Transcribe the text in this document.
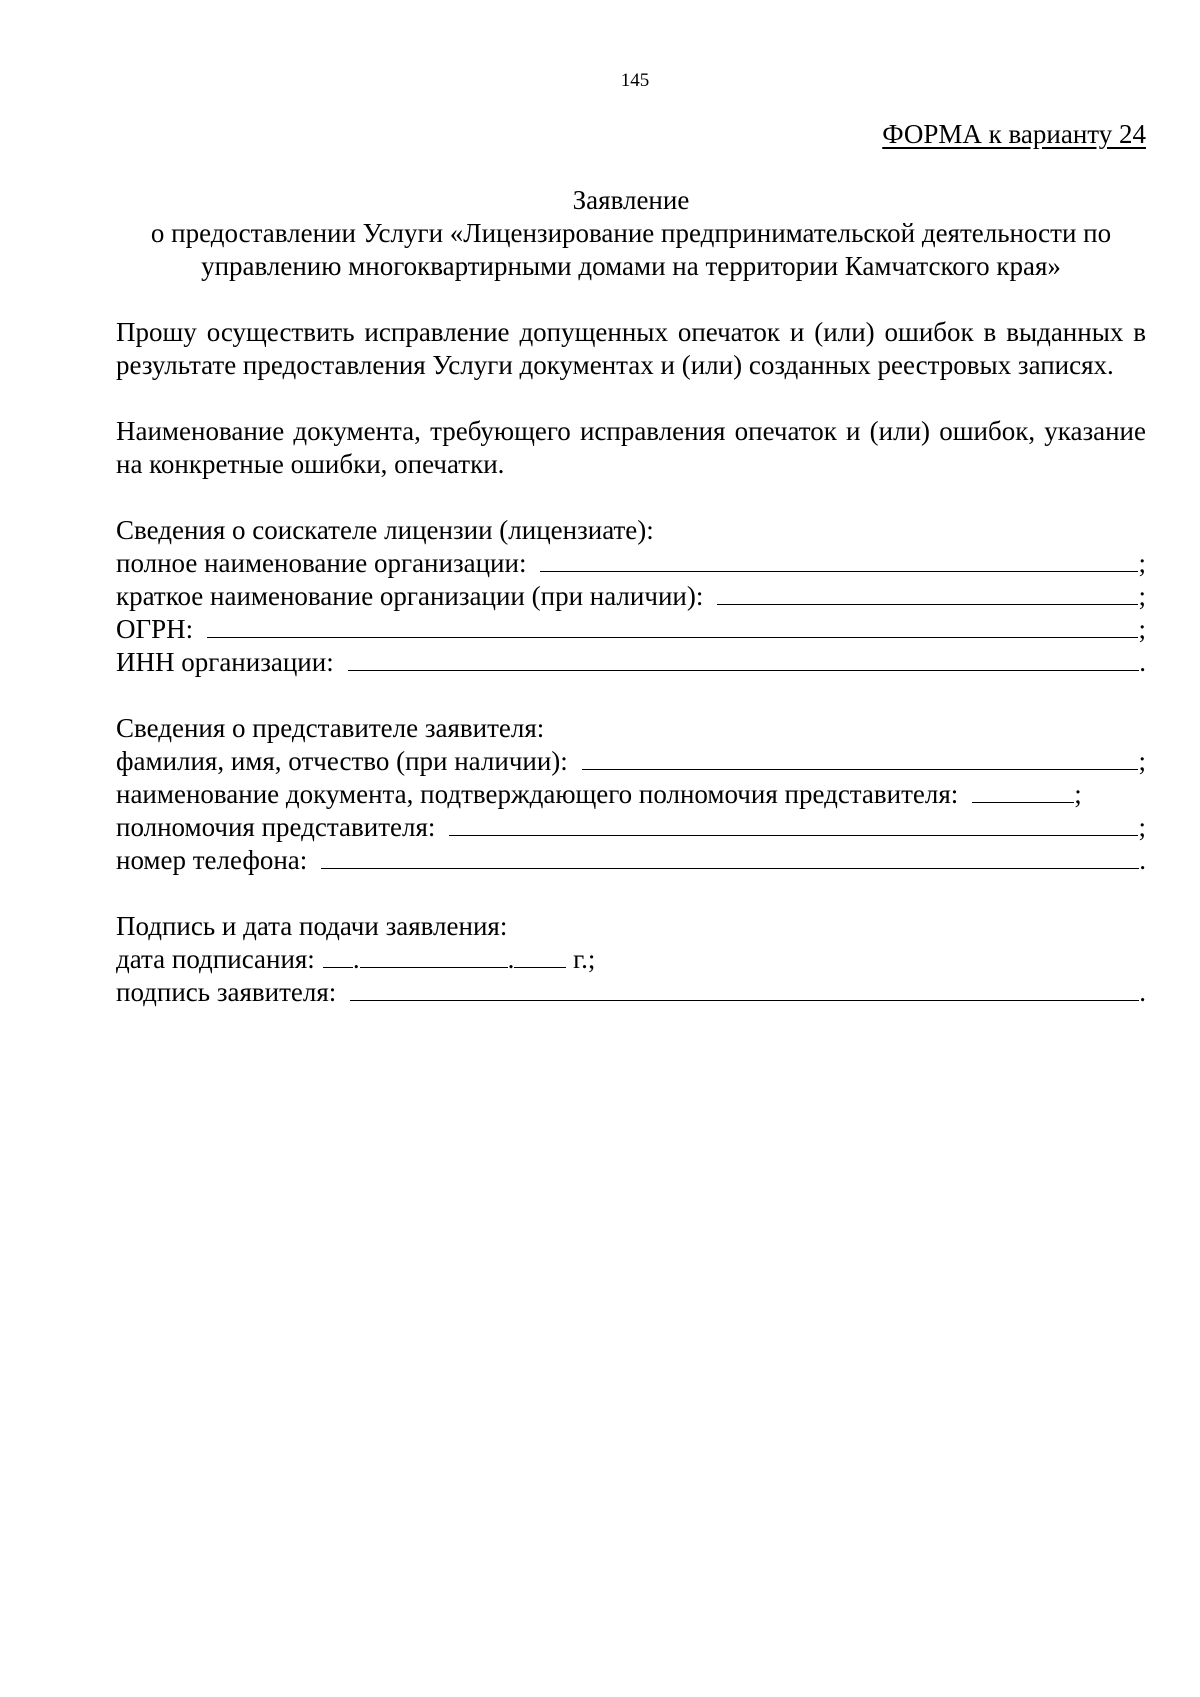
145
ФОРМА к варианту 24
Заявление
о предоставлении Услуги «Лицензирование предпринимательской деятельности по
управлению многоквартирными домами на территории Камчатского края»
Прошу осуществить исправление допущенных опечаток и (или) ошибок в выданных в результате предоставления Услуги документах и (или) созданных реестровых записях.
Наименование документа, требующего исправления опечаток и (или) ошибок, указание на конкретные ошибки, опечатки.
Сведения о соискателе лицензии (лицензиате):
полное наименование организации:	;
краткое наименование организации (при наличии):	;
ОГРН:	;
ИНН организации:	.
Сведения о представителе заявителя:
фамилия, имя, отчество (при наличии):	;
наименование документа, подтверждающего полномочия представителя:	;
полномочия представителя:	;
номер телефона:	.
Подпись и дата подачи заявления:
дата подписания: .	. г.;
подпись заявителя:	.
